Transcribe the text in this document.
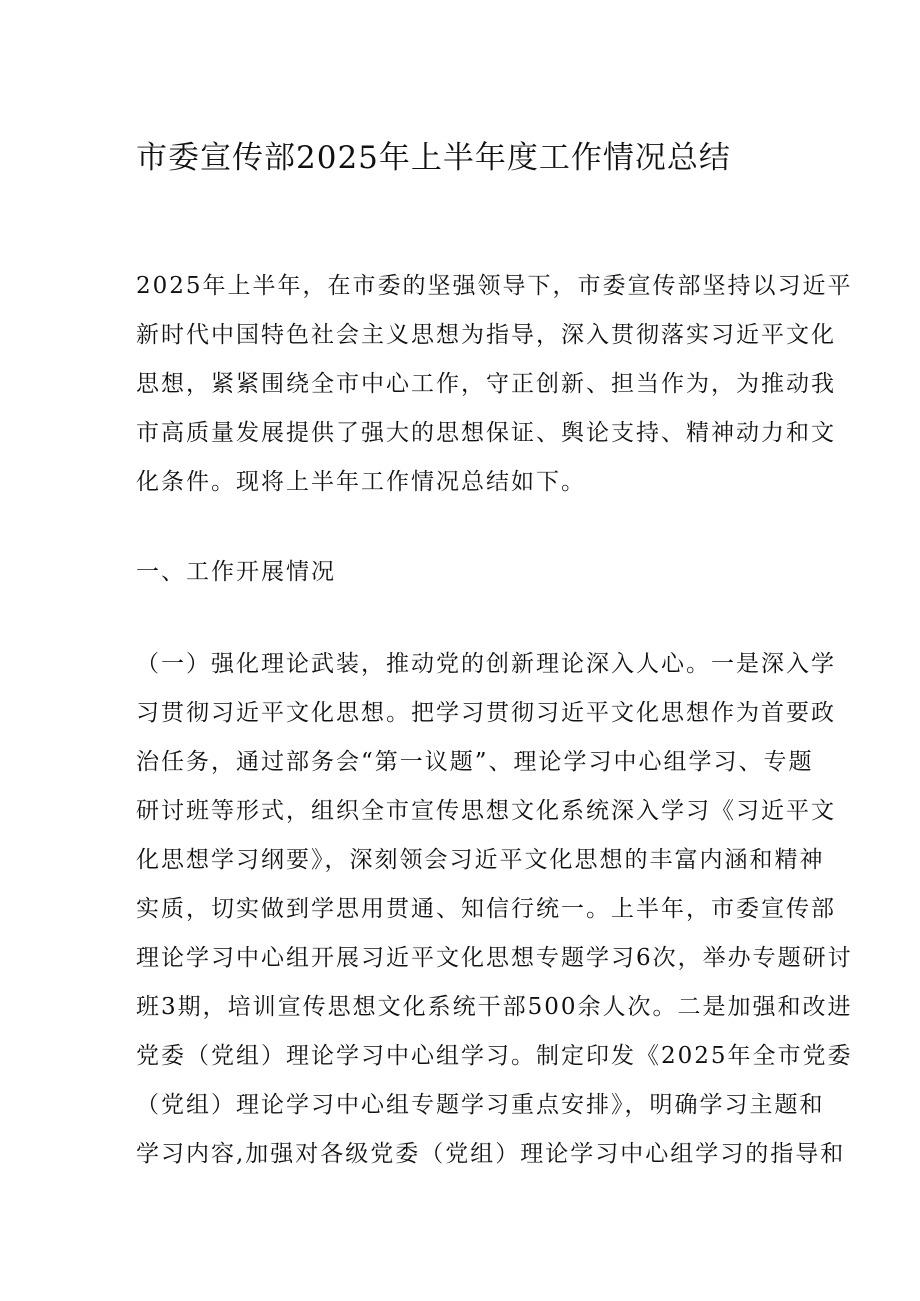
市委宣传部2025年上半年度工作情况总结
2025年上半年，在市委的坚强领导下，市委宣传部坚持以习近平
新时代中国特色社会主义思想为指导，深入贯彻落实习近平文化
思想，紧紧围绕全市中心工作，守正创新、担当作为，为推动我
市高质量发展提供了强大的思想保证、舆论支持、精神动力和文
化条件。现将上半年工作情况总结如下。
一、工作开展情况
（一）强化理论武装，推动党的创新理论深入人心。一是深入学
习贯彻习近平文化思想。把学习贯彻习近平文化思想作为首要政
治任务，通过部务会“第一议题”、理论学习中心组学习、专题
研讨班等形式，组织全市宣传思想文化系统深入学习《习近平文
化思想学习纲要》，深刻领会习近平文化思想的丰富内涵和精神
实质，切实做到学思用贯通、知信行统一。上半年，市委宣传部
理论学习中心组开展习近平文化思想专题学习6次，举办专题研讨
班3期，培训宣传思想文化系统干部500余人次。二是加强和改进
党委（党组）理论学习中心组学习。制定印发《2025年全市党委
（党组）理论学习中心组专题学习重点安排》，明确学习主题和
学习内容,加强对各级党委（党组）理论学习中心组学习的指导和
